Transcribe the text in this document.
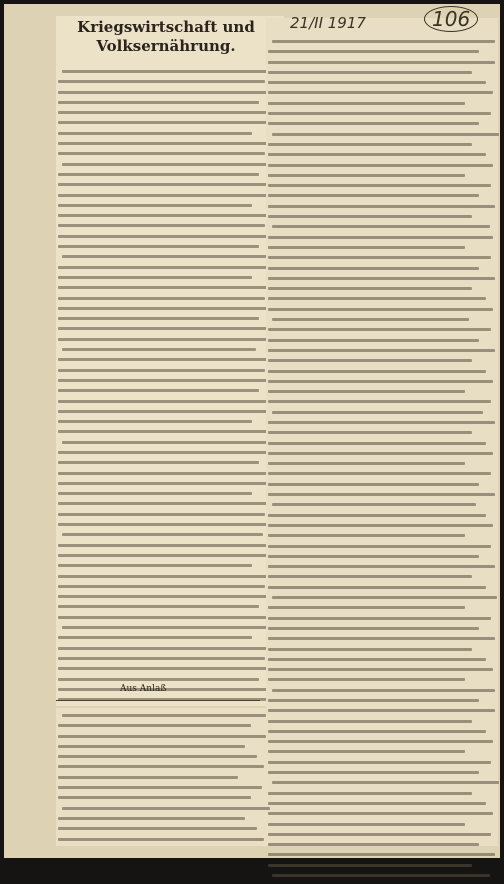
Kriegswirtschaft und Volksernährung.
21/II 1917	106
Aus Anlaß
